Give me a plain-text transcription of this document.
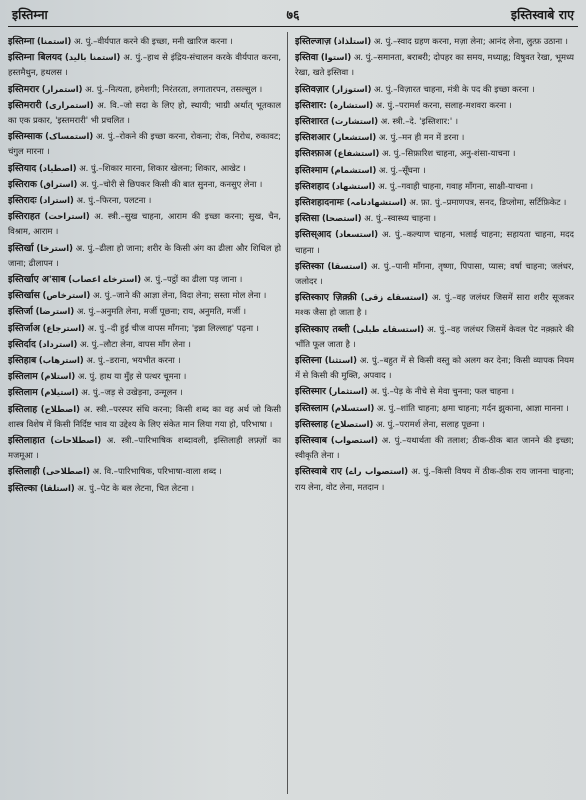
इस्तिम्ना	७६	इस्तिस्वाबे राए
इस्तिम्ना (استمنا) अ. पुं.–वीर्यपात करने की इच्छा, मनी खारिज करना ।
इस्तिम्ना बिलयद (استمنا بالید) अ. पुं.–हाथ से इंद्रिय-संचालन करके वीर्यपात करना, हस्तमैथुन, हथलस ।
इस्तिमरार (استمرار) अ. पुं.–नित्यता, हमेशगी; निरंतरता, लगातारपन, तसल्सुल ।
इस्तिमरारी (استمراری) अ. वि.–जो सदा के लिए हो, स्थायी; भाग्री अर्थात् भूतकाल का एक प्रकार, 'इस्तमरारी' भी प्रचलित ।
इस्तिम्साक (استمساک) अ. पुं.–रोकने की इच्छा करना, रोकना; रोक, निरोध, रुकावट; चंगुल मारना ।
इस्तियाद (اصطیاد) अ. पुं.–शिकार मारना, शिकार खेलना; शिकार, आखेट ।
इस्तिराक (استراق) अ. पुं.–चोरी से छिपकर किसी की बात सुनना, कनसुए लेना ।
इस्तिरादः (استراد) अ. पुं.–फिरना, पलटना ।
इस्तिराहत (استراحت) अ. स्त्री.–सुख चाहना, आराम की इच्छा करना; सुख, चैन, विश्राम, आराम ।
इस्तिर्खा (استرخا) अ. पुं.–ढीला हो जाना; शरीर के किसी अंग का ढीला और शिथिल हो जाना; ढीलापन ।
इस्तिर्खाए अ'साब (استرخاے اعصاب) अ. पुं.–पट्ठों का ढीला पड़ जाना ।
इस्तिर्खास (استرخاص) अ. पुं.–जाने की आज्ञा लेना, विदा लेना; सस्ता मोल लेना ।
इस्तिर्जा (استرضا) अ. पुं.–अनुमति लेना, मर्जी पूछना; राय, अनुमति, मर्जी ।
इस्तिर्जाअ (استرجاع) अ. पुं.–दी हुई चीज वापस माँगना; 'इन्ना लिल्लाह' पढ़ना ।
इस्तिर्दाद (استرداد) अ. पुं.–लौटा लेना, वापस माँग लेना ।
इस्तिहाब (استرهاب) अ. पुं.–डराना, भयभीत करना ।
इस्तिलाम (استلام) अ. पुं. हाथ या मुँह से पत्थर चूमना ।
इस्तिलाम (استیلام) अ. पुं.–जड़ से उखेड़ना, उन्मूलन ।
इस्तिलाह (اصطلاح) अ. स्त्री.–परस्पर संधि करना; किसी शब्द का वह अर्थ जो किसी शास्त्र विशेष में किसी निर्दिष्ट भाव या उद्देश्य के लिए संकेत मान लिया गया हो, परिभाषा ।
इस्तिलाहात (اصطلاحات) अ. स्त्री.–पारिभाषिक शब्दावली, इस्तिलाही लफ़्ज़ों का मजमूआ ।
इस्तिलाही (اصطلاحی) अ. वि.–पारिभाषिक, परिभाषा-वाला शब्द ।
इस्तिल्का (استلقا) अ. पुं.–पेट के बल लेटना, चित लेटना ।
इस्तिल्जाज़ (استلذاذ) अ. पुं.–स्वाद ग्रहण करना, मज़ा लेना; आनंद लेना, लुत्फ़ उठाना ।
इस्तिवा (استوا) अ. पुं.–समानता, बराबरी; दोपहर का समय, मध्याह्न; विषुवत रेखा, भूमध्य रेखा, खते इस्तिवा ।
इस्तिवज़ार (استوزار) अ. पुं.–विज़ारत चाहना, मंत्री के पद की इच्छा करना ।
इस्तिशार: (استشارہ) अ. पुं.–परामर्श करना, सलाह-मशवरा करना ।
इस्तिशारत (استشارت) अ. स्त्री.–दे. 'इस्तिशार:' ।
इस्तिशआर (استشعار) अ. पुं.–मन ही मन में डरना ।
इस्तिश्फ़ाअ (استشفاع) अ. पुं.–सिफ़ारिश चाहना, अनु-शंसा-याचना ।
इस्तिश्माम (استشمام) अ. पुं.–सूँघना ।
इस्तिशहाद (استشهاد) अ. पुं.–गवाही चाहना, गवाह माँगना, साक्षी-याचना ।
इस्तिशहादनामः (استشهادنامہ) अ. फ़ा. पुं.–प्रमाणपत्र, सनद, डिप्लोमा, सर्टिफ़िकेट ।
इस्तिसा (استصحا) अ. पुं.–स्वास्थ्य चाहना ।
इस्तिस्आद (استسعاد) अ. पुं.–कल्याण चाहना, भलाई चाहना; सहायता चाहना, मदद चाहना ।
इस्तिस्का (استسقا) अ. पुं.–पानी माँगना, तृष्णा, पिपासा, प्यास; वर्षा चाहना; जलंधर, जलोदर ।
इस्तिस्काए ज़िक़्क़ी (استسقاے زقی) अ. पुं.–वह जलंधर जिसमें सारा शरीर सूजकर मश्क जैसा हो जाता है ।
इस्तिस्काए तब्ली (استسقاے طبلی) अ. पुं.–वह जलंधर जिसमें केवल पेट नक़्क़ारे की भाँति फूल जाता है ।
इस्तिस्ना (استثنا) अ. पुं.–बहुत में से किसी वस्तु को अलग कर देना; किसी व्यापक नियम में से किसी की मुक्ति, अपवाद ।
इस्तिस्मार (استثمار) अ. पुं.–पेड़ के नीचे से मेवा चुनना; फल चाहना ।
इस्तिस्लाम (استسلام) अ. पुं.–शांति चाहना; क्षमा चाहना; गर्दन झुकाना, आज्ञा मानना ।
इस्तिस्लाह (استصلاح) अ. पुं.–परामर्श लेना, सलाह पूछना ।
इस्तिस्वाब (استصواب) अ. पुं.–यथार्थता की तलाश; ठीक-ठीक बात जानने की इच्छा; स्वीकृति लेना ।
इस्तिस्वाबे राए (استصواب راے) अ. पुं.–किसी विषय में ठीक-ठीक राय जानना चाहना; राय लेना, वोट लेना, मतदान ।
